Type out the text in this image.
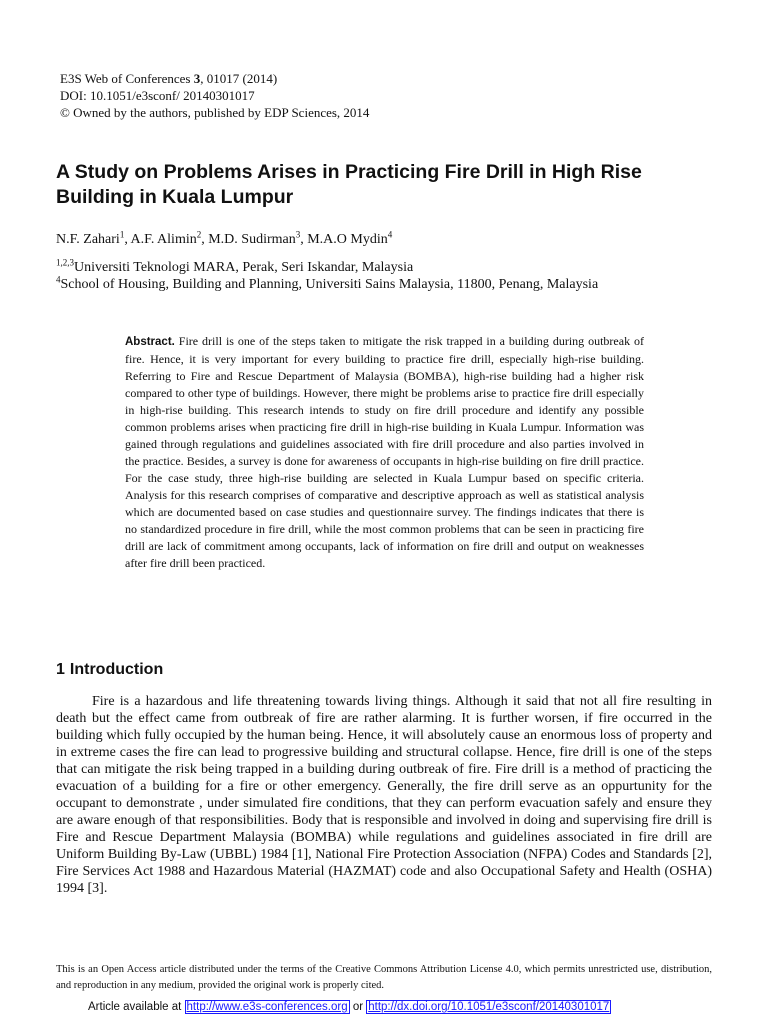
E3S Web of Conferences 3, 01017 (2014)
DOI: 10.1051/e3sconf/ 20140301017
© Owned by the authors, published by EDP Sciences, 2014
A Study on Problems Arises in Practicing Fire Drill in High Rise Building in Kuala Lumpur
N.F. Zahari$^1$, A.F. Alimin$^2$, M.D. Sudirman$^3$, M.A.O Mydin$^4$
$^{1,2,3}$Universiti Teknologi MARA, Perak, Seri Iskandar, Malaysia
$^4$School of Housing, Building and Planning, Universiti Sains Malaysia, 11800, Penang, Malaysia
Abstract. Fire drill is one of the steps taken to mitigate the risk trapped in a building during outbreak of fire. Hence, it is very important for every building to practice fire drill, especially high-rise building. Referring to Fire and Rescue Department of Malaysia (BOMBA), high-rise building had a higher risk compared to other type of buildings. However, there might be problems arise to practice fire drill especially in high-rise building. This research intends to study on fire drill procedure and identify any possible common problems arises when practicing fire drill in high-rise building in Kuala Lumpur. Information was gained through regulations and guidelines associated with fire drill procedure and also parties involved in the practice. Besides, a survey is done for awareness of occupants in high-rise building on fire drill practice. For the case study, three high-rise building are selected in Kuala Lumpur based on specific criteria. Analysis for this research comprises of comparative and descriptive approach as well as statistical analysis which are documented based on case studies and questionnaire survey. The findings indicates that there is no standardized procedure in fire drill, while the most common problems that can be seen in practicing fire drill are lack of commitment among occupants, lack of information on fire drill and output on weaknesses after fire drill been practiced.
1 Introduction
Fire is a hazardous and life threatening towards living things. Although it said that not all fire resulting in death but the effect came from outbreak of fire are rather alarming. It is further worsen, if fire occurred in the building which fully occupied by the human being. Hence, it will absolutely cause an enormous loss of property and in extreme cases the fire can lead to progressive building and structural collapse. Hence, fire drill is one of the steps that can mitigate the risk being trapped in a building during outbreak of fire. Fire drill is a method of practicing the evacuation of a building for a fire or other emergency. Generally, the fire drill serve as an oppurtunity for the occupant to demonstrate , under simulated fire conditions, that they can perform evacuation safely and ensure they are aware enough of that responsibilities. Body that is responsible and involved in doing and supervising fire drill is Fire and Rescue Department Malaysia (BOMBA) while regulations and guidelines associated in fire drill are Uniform Building By-Law (UBBL) 1984 [1], National Fire Protection Association (NFPA) Codes and Standards [2], Fire Services Act 1988 and Hazardous Material (HAZMAT) code and also Occupational Safety and Health (OSHA) 1994 [3].
This is an Open Access article distributed under the terms of the Creative Commons Attribution License 4.0, which permits unrestricted use, distribution, and reproduction in any medium, provided the original work is properly cited.
Article available at http://www.e3s-conferences.org or http://dx.doi.org/10.1051/e3sconf/20140301017
